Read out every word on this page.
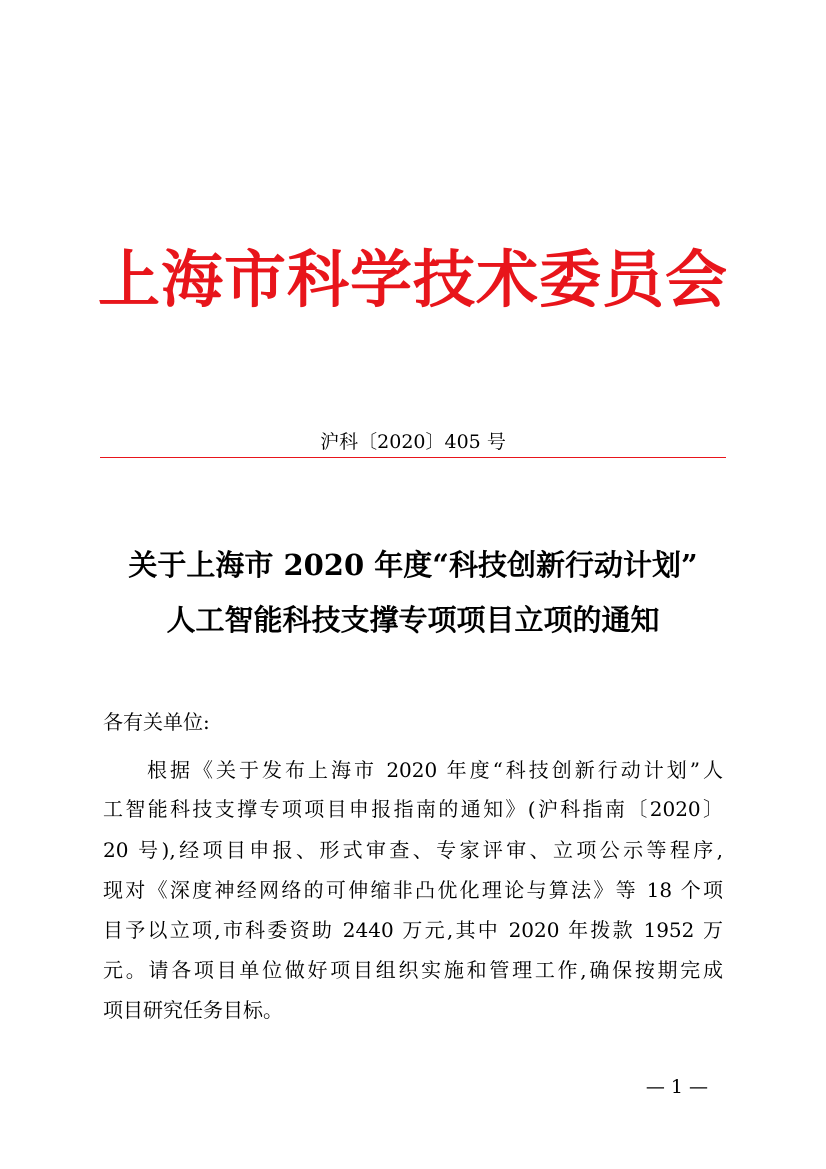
上海市科学技术委员会
沪科〔2020〕405 号
关于上海市 2020 年度“科技创新行动计划”
人工智能科技支撑专项项目立项的通知
各有关单位:
根据《关于发布上海市 2020 年度“科技创新行动计划”人
工智能科技支撑专项项目申报指南的通知》(沪科指南〔2020〕
20 号),经项目申报、形式审查、专家评审、立项公示等程序,
现对《深度神经网络的可伸缩非凸优化理论与算法》等 18 个项
目予以立项,市科委资助 2440 万元,其中 2020 年拨款 1952 万
元。请各项目单位做好项目组织实施和管理工作,确保按期完成
项目研究任务目标。
— 1 —
